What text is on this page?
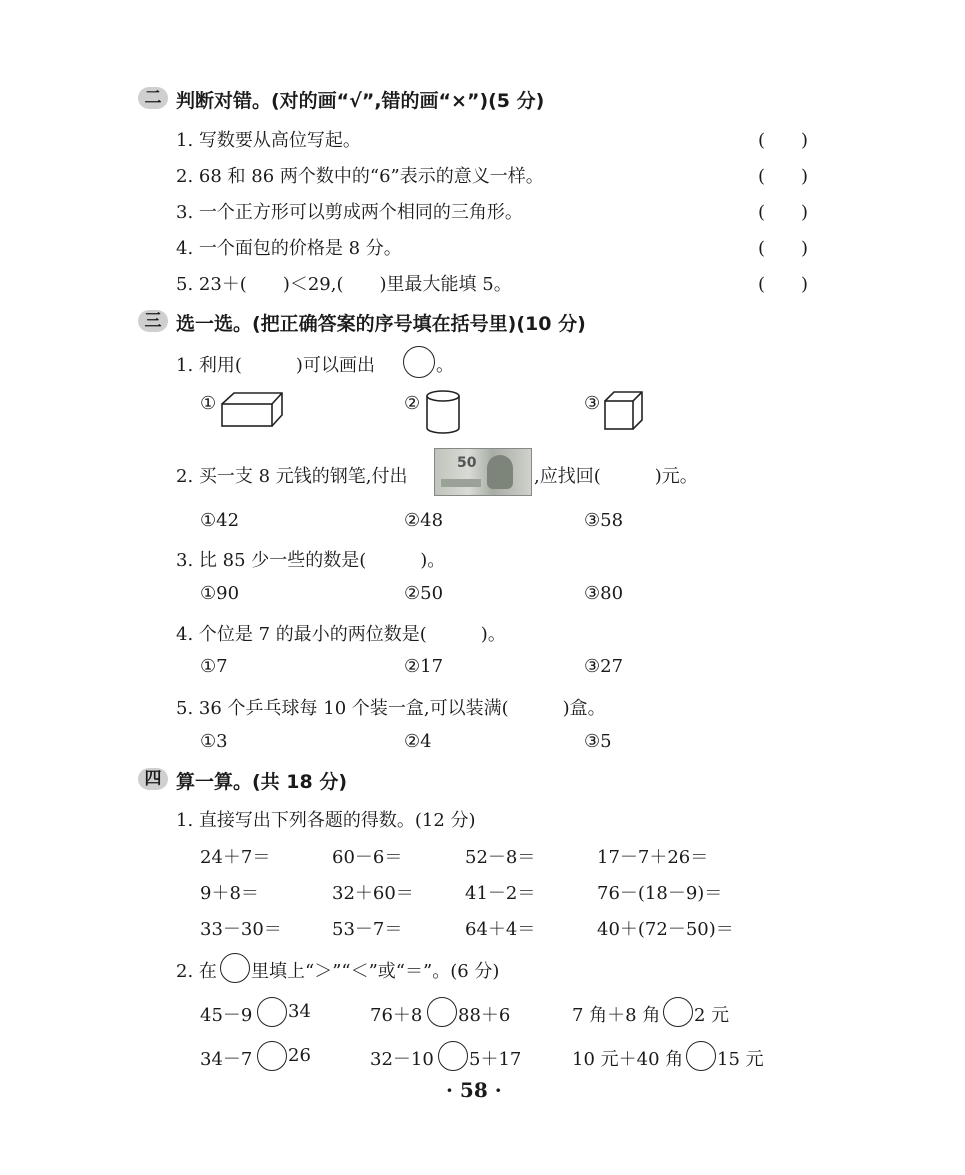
二 判断对错。(对的画“√”,错的画“×”)(5 分)
1. 写数要从高位写起。	(　　)
2. 68 和 86 两个数中的“6”表示的意义一样。	(　　)
3. 一个正方形可以剪成两个相同的三角形。	(　　)
4. 一个面包的价格是 8 分。	(　　)
5. 23＋(　　)＜29,(　　)里最大能填 5。	(　　)
三 选一选。(把正确答案的序号填在括号里)(10 分)
1. 利用(　　　)可以画出	。
①	②	③
2. 买一支 8 元钱的钢笔,付出
50
,应找回(　　　)元。
①42	②48	③58
3. 比 85 少一些的数是(　　　)。
①90	②50	③80
4. 个位是 7 的最小的两位数是(　　　)。
①7	②17	③27
5. 36 个乒乓球每 10 个装一盒,可以装满(　　　)盒。
①3	②4	③5
四 算一算。(共 18 分)
1. 直接写出下列各题的得数。(12 分)
24＋7＝	60－6＝	52－8＝	17－7＋26＝
9＋8＝	32＋60＝	41－2＝	76－(18－9)＝
33－30＝	53－7＝	64＋4＝	40＋(72－50)＝
2. 在 里填上“＞”“＜”或“＝”。(6 分)
45－9 34	76＋8 88＋6	7 角＋8 角 2 元
34－7 26	32－10 5＋17	10 元＋40 角 15 元
· 58 ·
